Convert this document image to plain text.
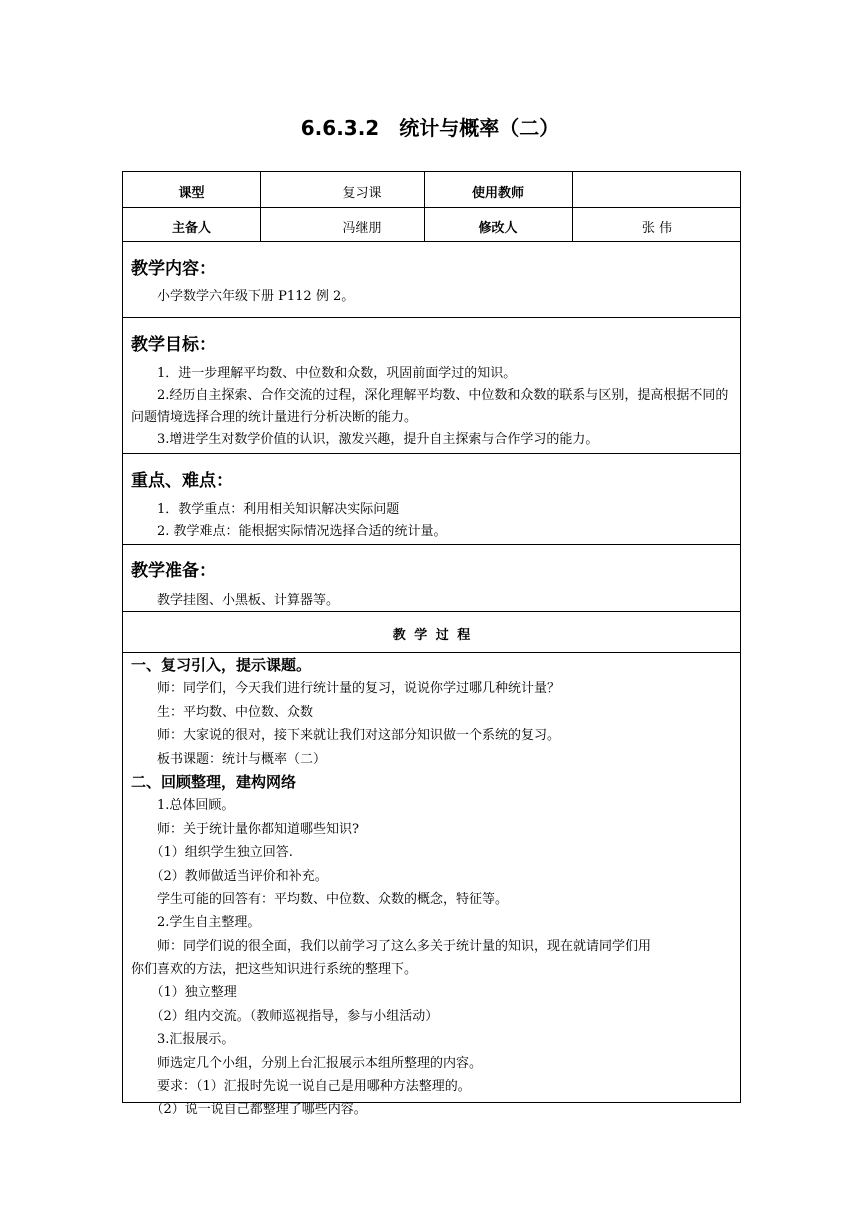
6.6.3.2　统计与概率（二）
课型	复习课	使用教师
主备人	冯继朋	修改人	张 伟
教学内容：
小学数学六年级下册 P112 例 2。
教学目标：
1．进一步理解平均数、中位数和众数，巩固前面学过的知识。
2.经历自主探索、合作交流的过程，深化理解平均数、中位数和众数的联系与区别，提高根据不同的问题情境选择合理的统计量进行分析决断的能力。
3.增进学生对数学价值的认识，激发兴趣，提升自主探索与合作学习的能力。
重点、难点：
1．教学重点：利用相关知识解决实际问题
2. 教学难点：能根据实际情况选择合适的统计量。
教学准备：
教学挂图、小黑板、计算器等。
教 学 过 程
一、复习引入，提示课题。
师：同学们，今天我们进行统计量的复习，说说你学过哪几种统计量？
生：平均数、中位数、众数
师：大家说的很对，接下来就让我们对这部分知识做一个系统的复习。
板书课题：统计与概率（二）
二、回顾整理，建构网络
1.总体回顾。
师：关于统计量你都知道哪些知识?
（1）组织学生独立回答.
（2）教师做适当评价和补充。
学生可能的回答有：平均数、中位数、众数的概念，特征等。
2.学生自主整理。
师：同学们说的很全面，我们以前学习了这么多关于统计量的知识，现在就请同学们用
你们喜欢的方法，把这些知识进行系统的整理下。
（1）独立整理
（2）组内交流。（教师巡视指导，参与小组活动）
3.汇报展示。
师选定几个小组，分别上台汇报展示本组所整理的内容。
要求：（1）汇报时先说一说自己是用哪种方法整理的。
（2）说一说自己都整理了哪些内容。
